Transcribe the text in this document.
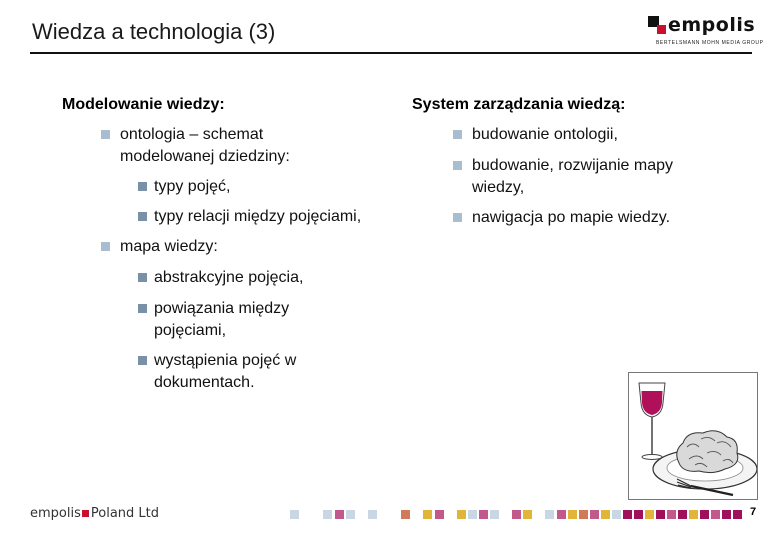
Wiedza a technologia (3)	empolis
BERTELSMANN MOHN MEDIA GROUP
Modelowanie wiedzy:
ontologia – schemat
modelowanej dziedziny:
typy pojęć,
typy relacji między pojęciami,
mapa wiedzy:
abstrakcyjne pojęcia,
powiązania między
pojęciami,
wystąpienia pojęć w
dokumentach.
System zarządzania wiedzą:
budowanie ontologii,
budowanie, rozwijanie mapy
wiedzy,
nawigacja po mapie wiedzy.
empolis Poland Ltd	7
